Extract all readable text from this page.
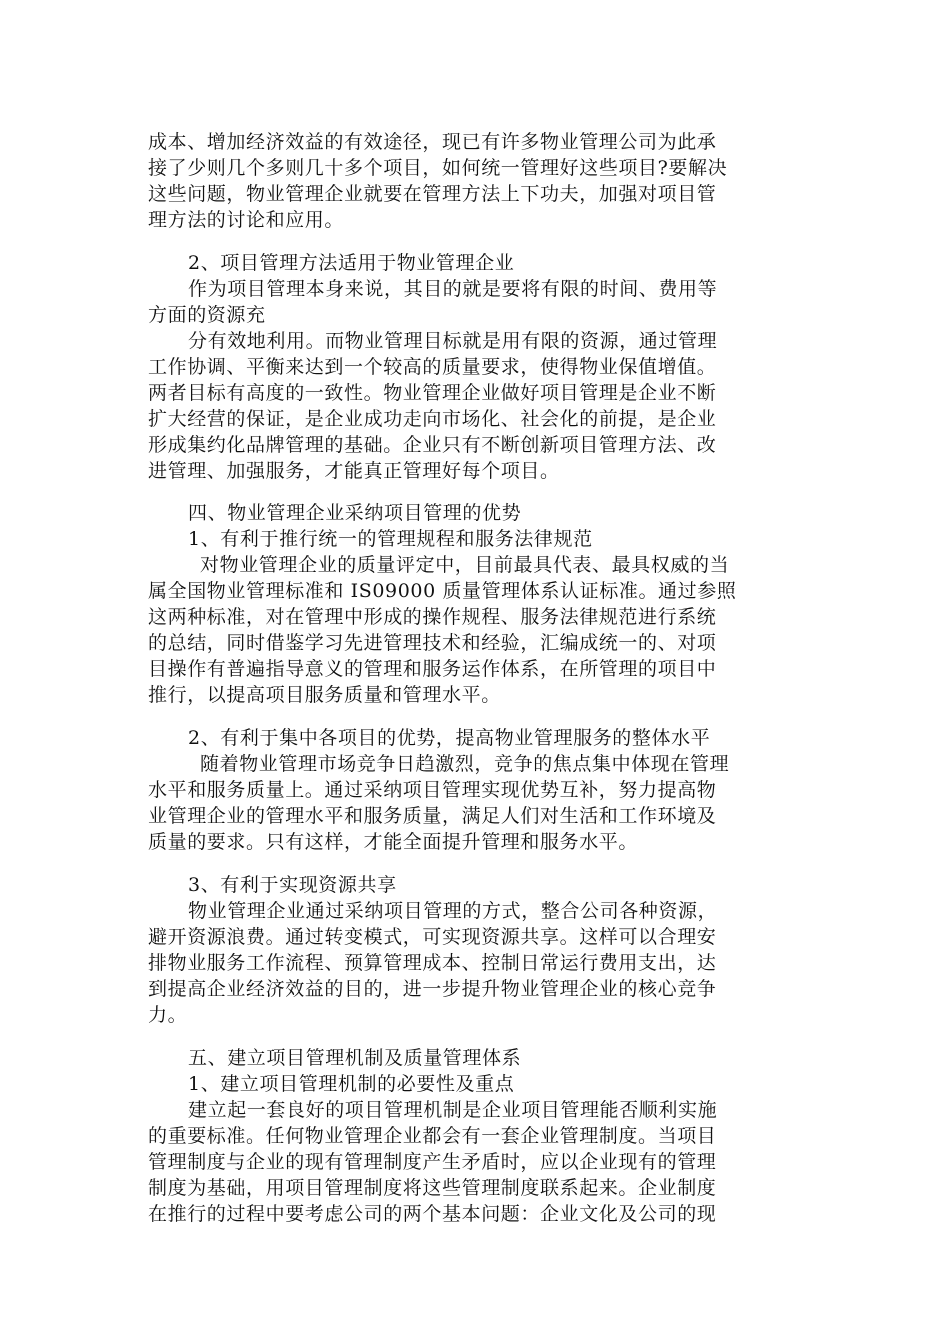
成本、增加经济效益的有效途径，现已有许多物业管理公司为此承
接了少则几个多则几十多个项目，如何统一管理好这些项目?要解决
这些问题，物业管理企业就要在管理方法上下功夫，加强对项目管
理方法的讨论和应用。
2、项目管理方法适用于物业管理企业
作为项目管理本身来说，其目的就是要将有限的时间、费用等
方面的资源充
分有效地利用。而物业管理目标就是用有限的资源，通过管理
工作协调、平衡来达到一个较高的质量要求，使得物业保值增值。
两者目标有高度的一致性。物业管理企业做好项目管理是企业不断
扩大经营的保证，是企业成功走向市场化、社会化的前提，是企业
形成集约化品牌管理的基础。企业只有不断创新项目管理方法、改
进管理、加强服务，才能真正管理好每个项目。
四、物业管理企业采纳项目管理的优势
1、有利于推行统一的管理规程和服务法律规范
对物业管理企业的质量评定中，目前最具代表、最具权威的当
属全国物业管理标准和 IS09000 质量管理体系认证标准。通过参照
这两种标准，对在管理中形成的操作规程、服务法律规范进行系统
的总结，同时借鉴学习先进管理技术和经验，汇编成统一的、对项
目操作有普遍指导意义的管理和服务运作体系，在所管理的项目中
推行，以提高项目服务质量和管理水平。
2、有利于集中各项目的优势，提高物业管理服务的整体水平
随着物业管理市场竞争日趋激烈，竞争的焦点集中体现在管理
水平和服务质量上。通过采纳项目管理实现优势互补，努力提高物
业管理企业的管理水平和服务质量，满足人们对生活和工作环境及
质量的要求。只有这样，才能全面提升管理和服务水平。
3、有利于实现资源共享
物业管理企业通过采纳项目管理的方式，整合公司各种资源，
避开资源浪费。通过转变模式，可实现资源共享。这样可以合理安
排物业服务工作流程、预算管理成本、控制日常运行费用支出，达
到提高企业经济效益的目的，进一步提升物业管理企业的核心竞争
力。
五、建立项目管理机制及质量管理体系
1、建立项目管理机制的必要性及重点
建立起一套良好的项目管理机制是企业项目管理能否顺利实施
的重要标准。任何物业管理企业都会有一套企业管理制度。当项目
管理制度与企业的现有管理制度产生矛盾时，应以企业现有的管理
制度为基础，用项目管理制度将这些管理制度联系起来。企业制度
在推行的过程中要考虑公司的两个基本问题：企业文化及公司的现
